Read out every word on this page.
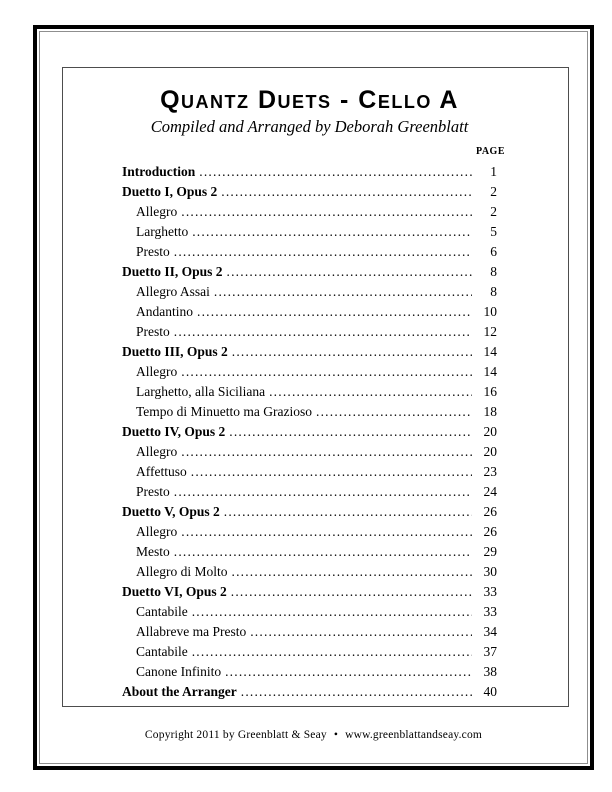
Quantz Duets - Cello A
Compiled and Arranged by Deborah Greenblatt
PAGE
Introduction .....	1
Duetto I, Opus 2 .....	2
Allegro .....	2
Larghetto .....	5
Presto .....	6
Duetto II, Opus 2 .....	8
Allegro Assai .....	8
Andantino .....	10
Presto .....	12
Duetto III, Opus 2 .....	14
Allegro .....	14
Larghetto, alla Siciliana .....	16
Tempo di Minuetto ma Grazioso .....	18
Duetto IV, Opus 2 .....	20
Allegro .....	20
Affettuso .....	23
Presto .....	24
Duetto V, Opus 2 .....	26
Allegro .....	26
Mesto .....	29
Allegro di Molto .....	30
Duetto VI, Opus 2 .....	33
Cantabile .....	33
Allabreve ma Presto .....	34
Cantabile .....	37
Canone Infinito .....	38
About the Arranger .....	40
Copyright 2011 by Greenblatt & Seay • www.greenblattandseay.com
